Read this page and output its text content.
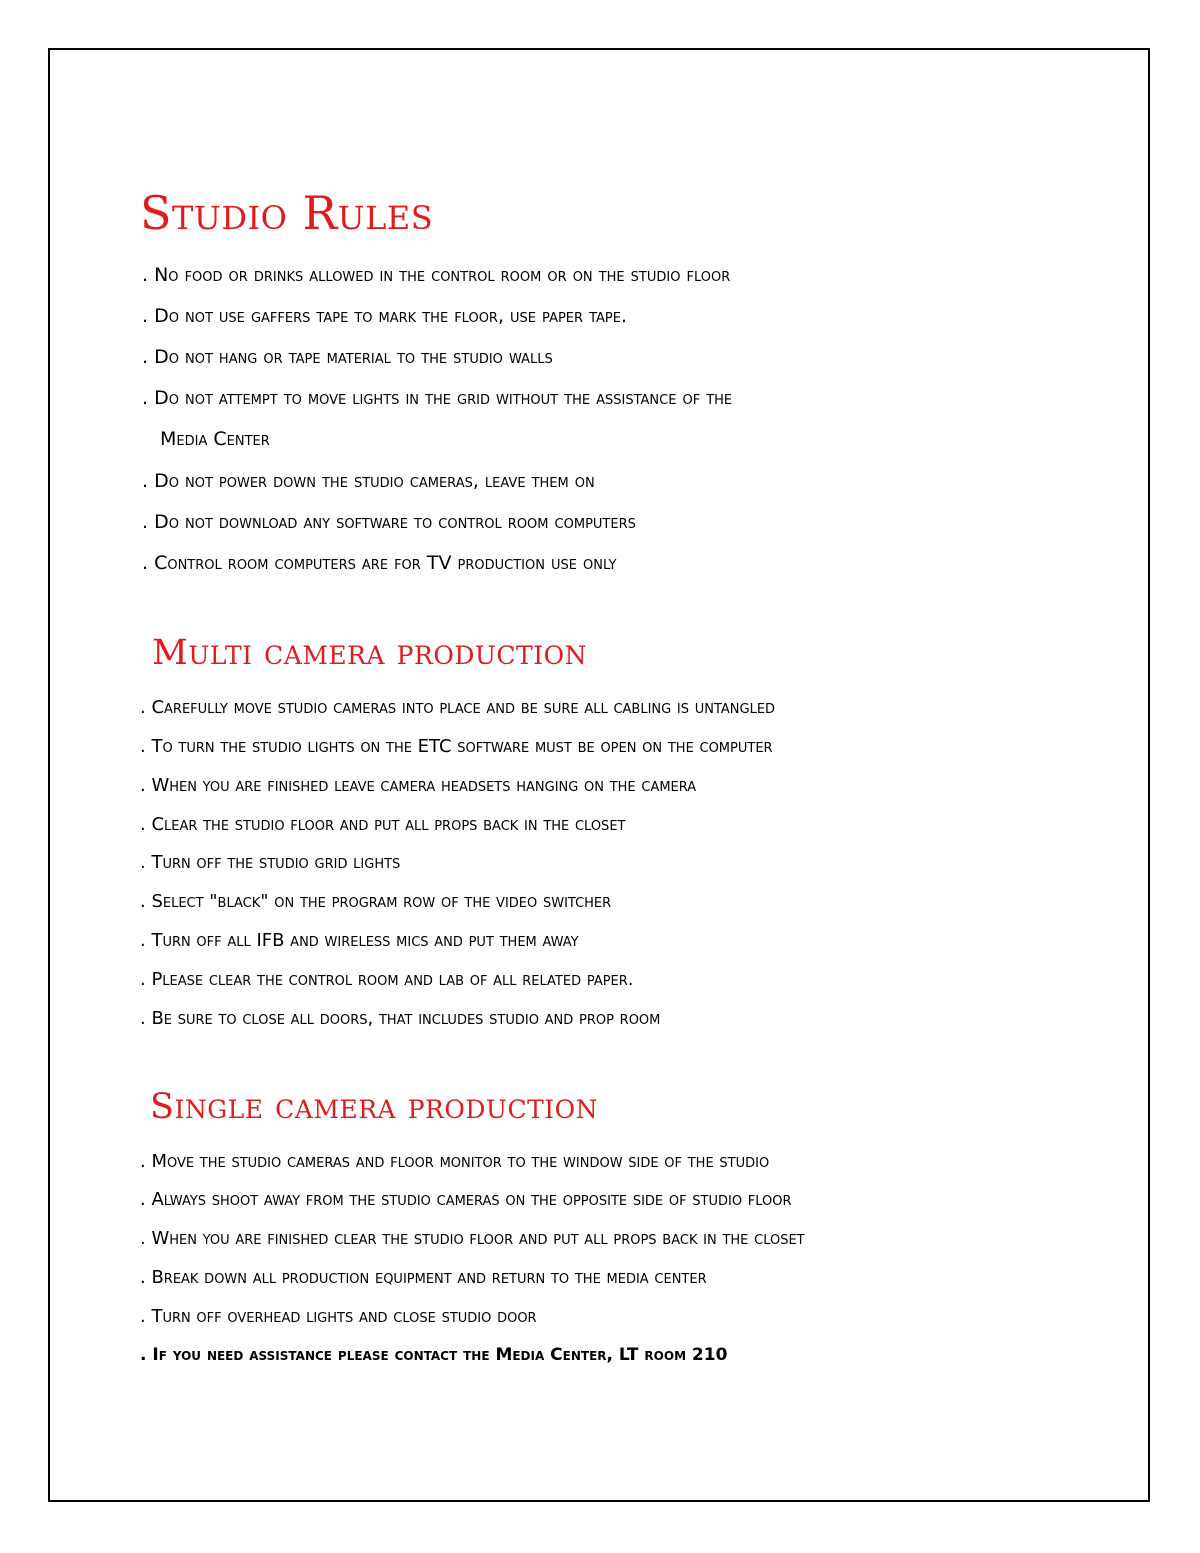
Studio Rules

. No food or drinks allowed in the control room or on the studio floor

. Do not use gaffers tape to mark the floor, use paper tape.

. Do not hang or tape material to the studio walls

. Do not attempt to move lights in the grid without the assistance of the

Media Center

. Do not power down the studio cameras, leave them on

. Do not download any software to control room computers

. Control room computers are for TV production use only

Multi camera production

. Carefully move studio cameras into place and be sure all cabling is untangled

. To turn the studio lights on the ETC software must be open on the computer

. When you are finished leave camera headsets hanging on the camera

. Clear the studio floor and put all props back in the closet

. Turn off the studio grid lights

. Select "black" on the program row of the video switcher

. Turn off all IFB and wireless mics and put them away

. Please clear the control room and lab of all related paper.

. Be sure to close all doors, that includes studio and prop room

Single camera production

. Move the studio cameras and floor monitor to the window side of the studio

. Always shoot away from the studio cameras on the opposite side of studio floor

. When you are finished clear the studio floor and put all props back in the closet

. Break down all production equipment and return to the media center

. Turn off overhead lights and close studio door

. If you need assistance please contact the Media Center, LT room 210
